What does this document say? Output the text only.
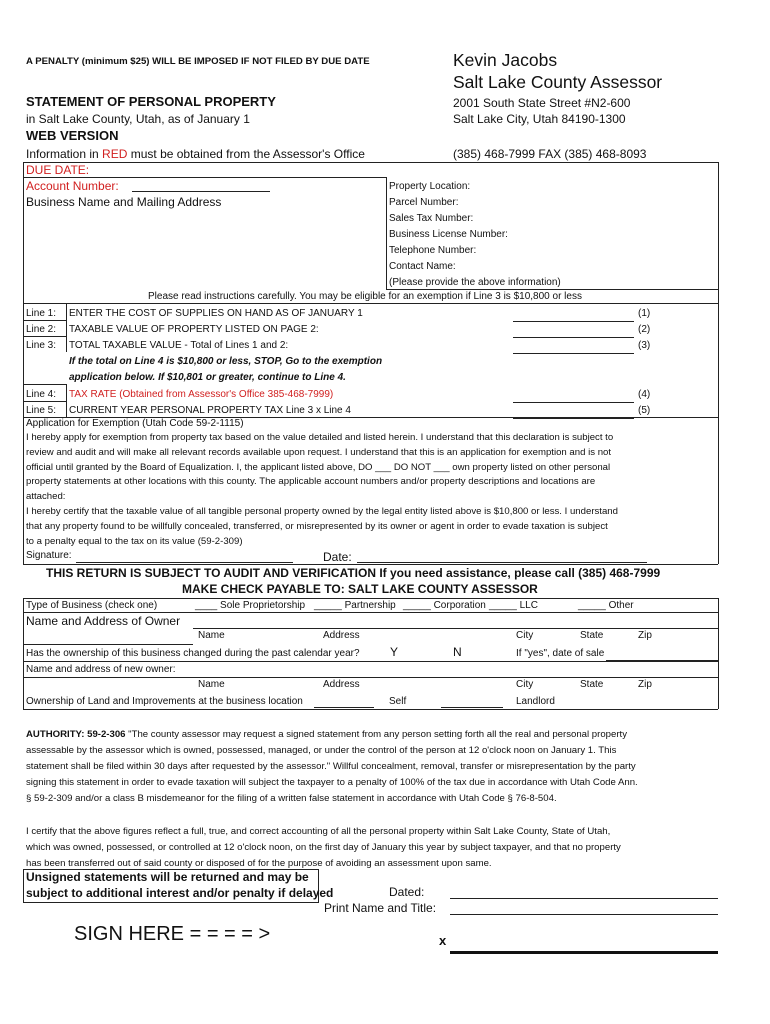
A PENALTY (minimum $25) WILL BE IMPOSED IF NOT FILED BY DUE DATE	Kevin Jacobs
Salt Lake County Assessor
2001 South State Street #N2-600
Salt Lake City, Utah 84190-1300
(385) 468-7999 FAX (385) 468-8093
STATEMENT OF PERSONAL PROPERTY
in Salt Lake County, Utah, as of January 1
WEB VERSION
Information in RED must be obtained from the Assessor's Office
DUE DATE:
Account Number:
Business Name and Mailing Address
Property Location:
Parcel Number:
Sales Tax Number:
Business License Number:
Telephone Number:
Contact Name:
(Please provide the above information)
Please read instructions carefully. You may be eligible for an exemption if Line 3 is $10,800 or less
Line 1: ENTER THE COST OF SUPPLIES ON HAND AS OF JANUARY 1	(1)
Line 2: TAXABLE VALUE OF PROPERTY LISTED ON PAGE 2:	(2)
Line 3: TOTAL TAXABLE VALUE - Total of Lines 1 and 2:	(3)
If the total on Line 4 is $10,800 or less, STOP, Go to the exemption
application below. If $10,801 or greater, continue to Line 4.
Line 4: TAX RATE (Obtained from Assessor's Office 385-468-7999)	(4)
Line 5: CURRENT YEAR PERSONAL PROPERTY TAX Line 3 x Line 4	(5)
Application for Exemption (Utah Code 59-2-1115)
I hereby apply for exemption from property tax based on the value detailed and listed herein. I understand that this declaration is subject to
review and audit and will make all relevant records available upon request. I understand that this is an application for exemption and is not
official until granted by the Board of Equalization. I, the applicant listed above, DO ___ DO NOT ___ own property listed on other personal
property statements at other locations with this county. The applicable account numbers and/or property descriptions and locations are
attached:
I hereby certify that the taxable value of all tangible personal property owned by the legal entity listed above is $10,800 or less. I understand
that any property found to be willfully concealed, transferred, or misrepresented by its owner or agent in order to evade taxation is subject
to a penalty equal to the tax on its value (59-2-309)
Signature:	Date:
THIS RETURN IS SUBJECT TO AUDIT AND VERIFICATION If you need assistance, please call (385) 468-7999
MAKE CHECK PAYABLE TO: SALT LAKE COUNTY ASSESSOR
Type of Business (check one)	____ Sole Proprietorship _____ Partnership _____ Corporation _____ LLC	_____ Other
Name and Address of Owner
Name	Address	City	State	Zip
Has the ownership of this business changed during the past calendar year?	Y	N	If "yes", date of sale
Name and address of new owner:
Name	Address	City	State	Zip
Ownership of Land and Improvements at the business location	Self	Landlord
AUTHORITY: 59-2-306 "The county assessor may request a signed statement from any person setting forth all the real and personal property
assessable by the assessor which is owned, possessed, managed, or under the control of the person at 12 o'clock noon on January 1. This
statement shall be filed within 30 days after requested by the assessor." Willful concealment, removal, transfer or misrepresentation by the party
signing this statement in order to evade taxation will subject the taxpayer to a penalty of 100% of the tax due in accordance with Utah Code Ann.
§ 59-2-309 and/or a class B misdemeanor for the filing of a written false statement in accordance with Utah Code § 76-8-504.
I certify that the above figures reflect a full, true, and correct accounting of all the personal property within Salt Lake County, State of Utah,
which was owned, possessed, or controlled at 12 o'clock noon, on the first day of January this year by subject taxpayer, and that no property
has been transferred out of said county or disposed of for the purpose of avoiding an assessment upon same.
Unsigned statements will be returned and may be
subject to additional interest and/or penalty if delayed	Dated:
Print Name and Title:
SIGN HERE = = = = >	x
